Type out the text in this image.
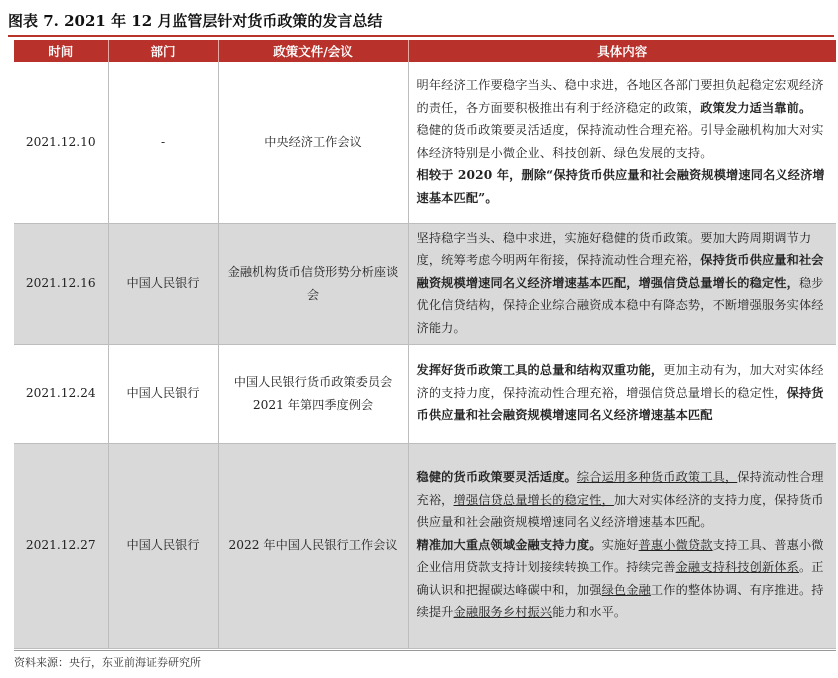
图表 7. 2021 年 12 月监管层针对货币政策的发言总结
时间	部门	政策文件/会议	具体内容
2021.12.10	-	中央经济工作会议	明年经济工作要稳字当头、稳中求进，各地区各部门要担负起稳定宏观经济的责任，各方面要积极推出有利于经济稳定的政策，政策发力适当靠前。
稳健的货币政策要灵活适度，保持流动性合理充裕。引导金融机构加大对实体经济特别是小微企业、科技创新、绿色发展的支持。
相较于 2020 年，删除“保持货币供应量和社会融资规模增速同名义经济增速基本匹配”。

2021.12.16	中国人民银行	金融机构货币信贷形势分析座谈会	坚持稳字当头、稳中求进，实施好稳健的货币政策。要加大跨周期调节力度，统筹考虑今明两年衔接，保持流动性合理充裕，保持货币供应量和社会融资规模增速同名义经济增速基本匹配，增强信贷总量增长的稳定性，稳步优化信贷结构，保持企业综合融资成本稳中有降态势，不断增强服务实体经济能力。
2021.12.24	中国人民银行	中国人民银行货币政策委员会 2021 年第四季度例会	发挥好货币政策工具的总量和结构双重功能，更加主动有为，加大对实体经济的支持力度，保持流动性合理充裕，增强信贷总量增长的稳定性，保持货币供应量和社会融资规模增速同名义经济增速基本匹配
2021.12.27	中国人民银行	2022 年中国人民银行工作会议	稳健的货币政策要灵活适度。综合运用多种货币政策工具，保持流动性合理充裕，增强信贷总量增长的稳定性，加大对实体经济的支持力度，保持货币供应量和社会融资规模增速同名义经济增速基本匹配。
精准加大重点领域金融支持力度。实施好普惠小微贷款支持工具、普惠小微企业信用贷款支持计划接续转换工作。持续完善金融支持科技创新体系。正确认识和把握碳达峰碳中和，加强绿色金融工作的整体协调、有序推进。持续提升金融服务乡村振兴能力和水平。
资料来源：央行，东亚前海证券研究所
